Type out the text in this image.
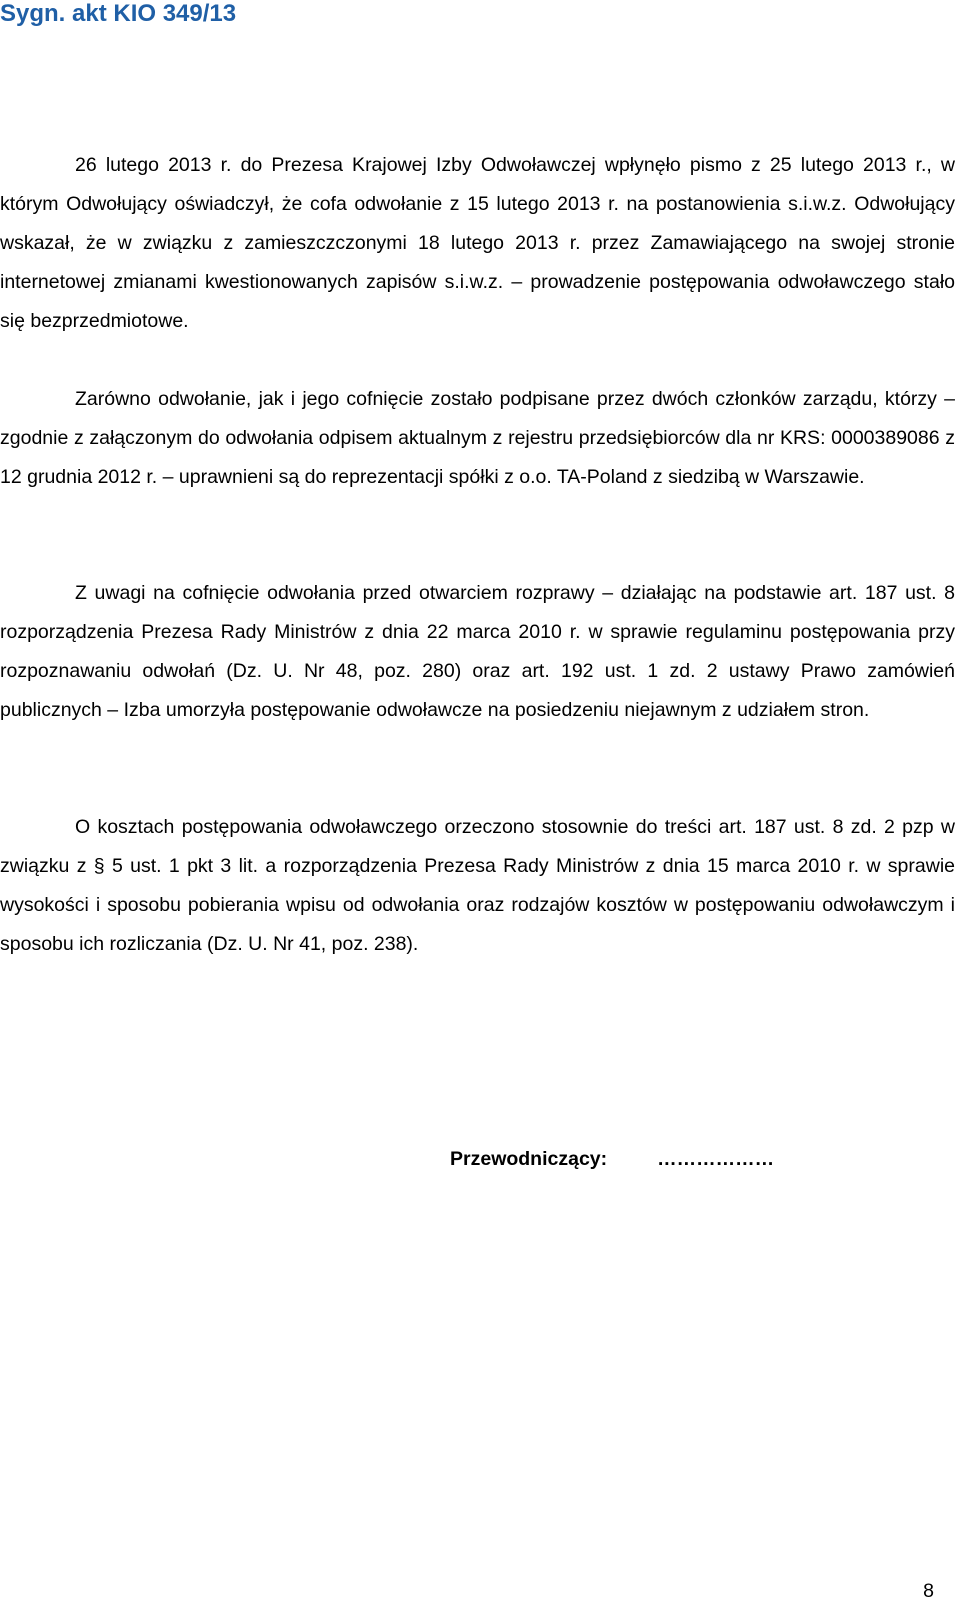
Sygn. akt KIO 349/13

26 lutego 2013 r. do Prezesa Krajowej Izby Odwoławczej wpłynęło pismo z 25 lutego 2013 r., w którym Odwołujący oświadczył, że cofa odwołanie z 15 lutego 2013 r. na postanowienia s.i.w.z. Odwołujący wskazał, że w związku z zamieszczczonymi 18 lutego 2013 r. przez Zamawiającego na swojej stronie internetowej zmianami kwestionowanych zapisów s.i.w.z. – prowadzenie postępowania odwoławczego stało się bezprzedmiotowe.

Zarówno odwołanie, jak i jego cofnięcie zostało podpisane przez dwóch członków zarządu, którzy – zgodnie z załączonym do odwołania odpisem aktualnym z rejestru przedsiębiorców dla nr KRS: 0000389086 z 12 grudnia 2012 r. – uprawnieni są do reprezentacji spółki z o.o. TA-Poland z siedzibą w Warszawie.

Z uwagi na cofnięcie odwołania przed otwarciem rozprawy – działając na podstawie art. 187 ust. 8 rozporządzenia Prezesa Rady Ministrów z dnia 22 marca 2010 r. w sprawie regulaminu postępowania przy rozpoznawaniu odwołań (Dz. U. Nr 48, poz. 280) oraz art. 192 ust. 1 zd. 2 ustawy Prawo zamówień publicznych – Izba umorzyła postępowanie odwoławcze na posiedzeniu niejawnym z udziałem stron.

O kosztach postępowania odwoławczego orzeczono stosownie do treści art. 187 ust. 8 zd. 2 pzp w związku z § 5 ust. 1 pkt 3 lit. a rozporządzenia Prezesa Rady Ministrów z dnia 15 marca 2010 r. w sprawie wysokości i sposobu pobierania wpisu od odwołania oraz rodzajów kosztów w postępowaniu odwoławczym i sposobu ich rozliczania (Dz. U. Nr 41, poz. 238).

Przewodniczący:	………………
8
